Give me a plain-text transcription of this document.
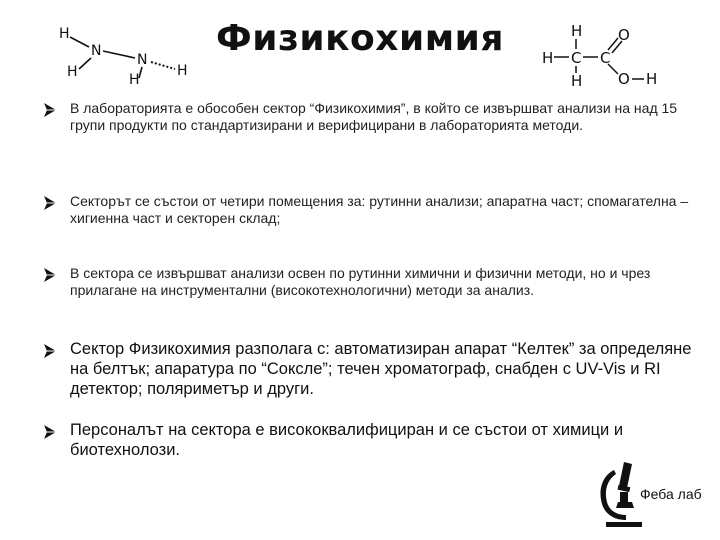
Физикохимия
H
N
H
N
H
H
H
H C C
O
H O H
В лабораторията е обособен сектор “Физикохимия”, в който се извършват анализи на над 15 групи продукти по стандартизирани и верифицирани в лабораторията методи.
Секторът се състои от четири помещения за: рутинни анализи; апаратна част; спомагателна – хигиенна част и секторен склад;
В сектора се извършват анализи освен по рутинни химични и физични методи, но и чрез прилагане на инструментални (високотехнологични) методи за анализ.
Сектор Физикохимия разполага с: автоматизиран апарат “Келтек” за определяне на белтък; апаратура по “Соксле”; течен хроматограф, снабден с UV-Vis и RI детектор; поляриметър и други.
Персоналът на сектора е висококвалифициран и се състои от химици и биотехнолози.
Феба лаб
